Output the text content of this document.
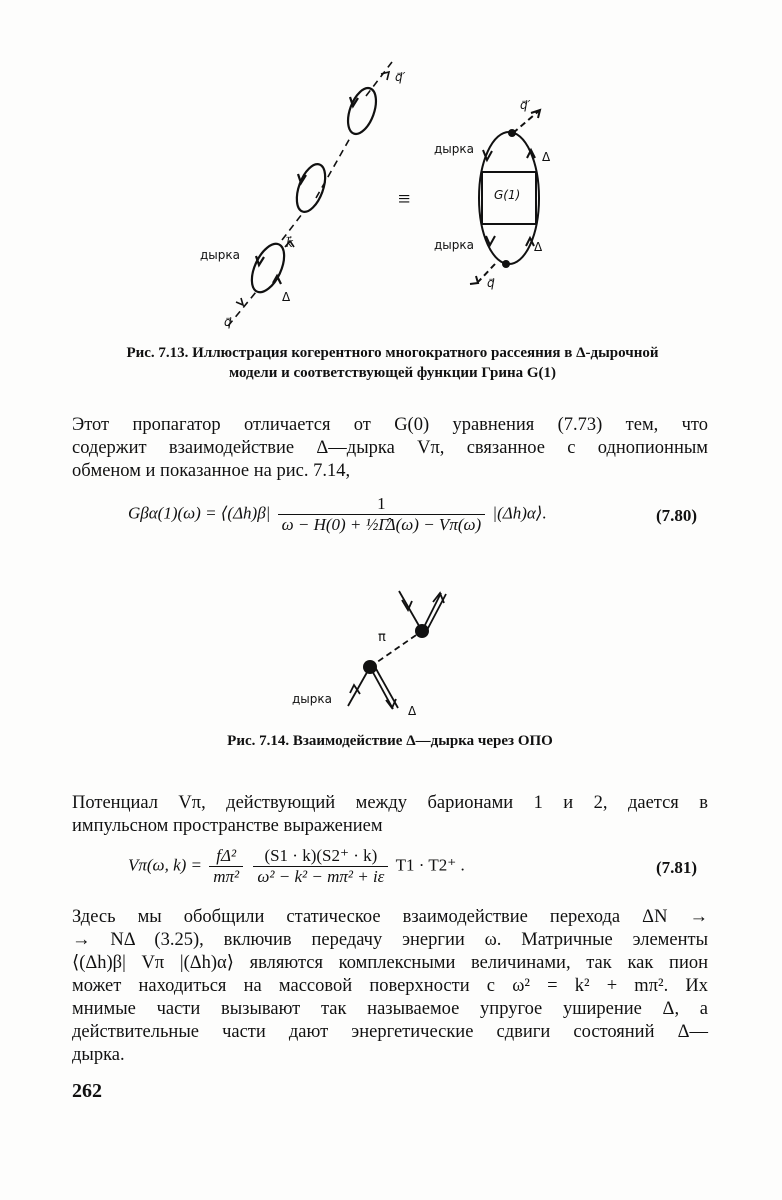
q⃗′
k⃗
q⃗
дырка
Δ
≡
q⃗′
дырка
Δ
G(1)
дырка	Δ
q⃗
Рис. 7.13. Иллюстрация когерентного многократного рассеяния в Δ-дырочной
модели и соответствующей функции Грина G(1)
Этот пропагатор отличается от G(0) уравнения (7.73) тем, что
содержит взаимодействие Δ—дырка Vπ, связанное с однопионным
обменом и показанное на рис. 7.14,
Gβα(1)(ω) = ⟨(Δh)β| $\frac{1}{\text{ω − H(0) + ½Γ̂Δ(ω) − Vπ(ω)}}$ |(Δh)α⟩.	(7.80)
π
дырка
Δ
Рис. 7.14. Взаимодействие Δ—дырка через ОПО
Потенциал Vπ, действующий между барионами 1 и 2, дается в
импульсном пространстве выражением
Vπ(ω, $k) = \frac{\text{fΔ²}}{\text{mπ²}}$
$\frac{(S1 \cdot k)(S2^+ \cdot k)}{\text{ω² − k² − mπ² + iε}} T1 \cdot T2^+$ .	(7.81)
Здесь мы обобщили статическое взаимодействие перехода ΔN →
→ NΔ (3.25), включив передачу энергии ω. Матричные элементы
⟨(Δh)β| Vπ |(Δh)α⟩ являются комплексными величинами, так как пион
может находиться на массовой поверхности с ω² = k² + mπ². Их
мнимые части вызывают так называемое упругое уширение Δ, а
действительные части дают энергетические сдвиги состояний Δ—
дырка.
262
